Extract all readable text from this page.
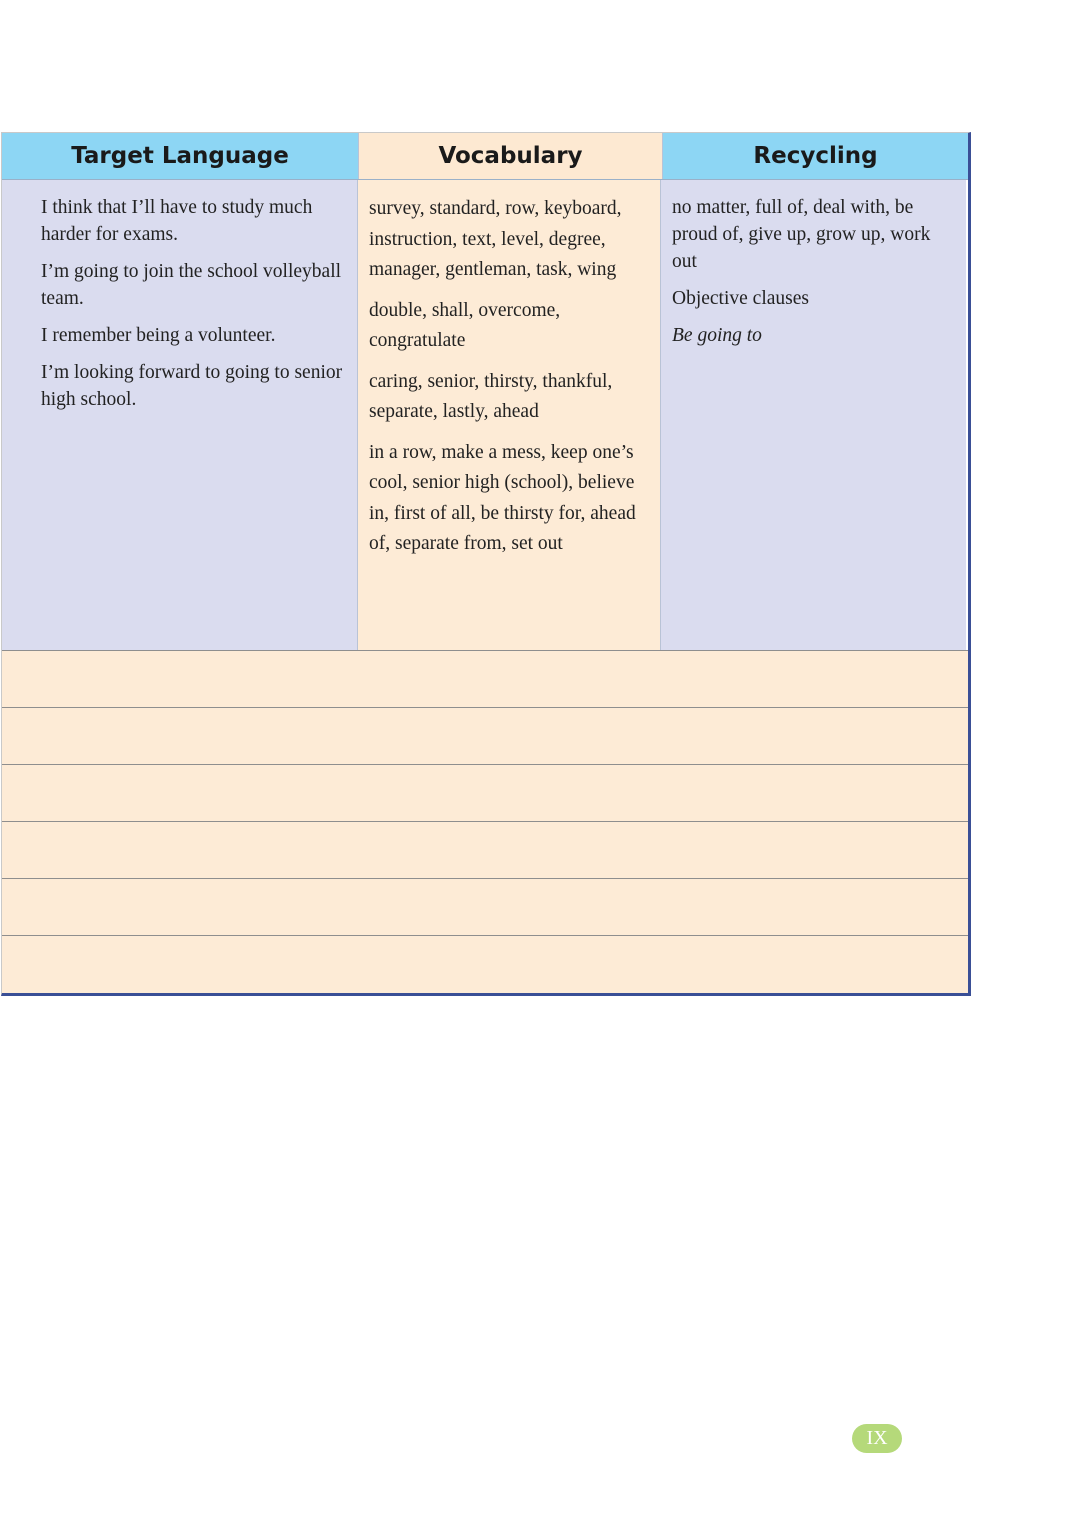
Target Language	Vocabulary	Recycling

I think that I’ll have to study much harder for exams.

I’m going to join the school volleyball team.

I remember being a volunteer.

I’m looking forward to going to senior high school.

survey, standard, row, keyboard, instruction, text, level, degree, manager, gentleman, task, wing

double, shall, overcome, congratulate

caring, senior, thirsty, thankful, separate, lastly, ahead

in a row, make a mess, keep one’s cool, senior high (school), believe in, first of all, be thirsty for, ahead of, separate from, set out

no matter, full of, deal with, be proud of, give up, grow up, work out

Objective clauses

Be going to

IX
